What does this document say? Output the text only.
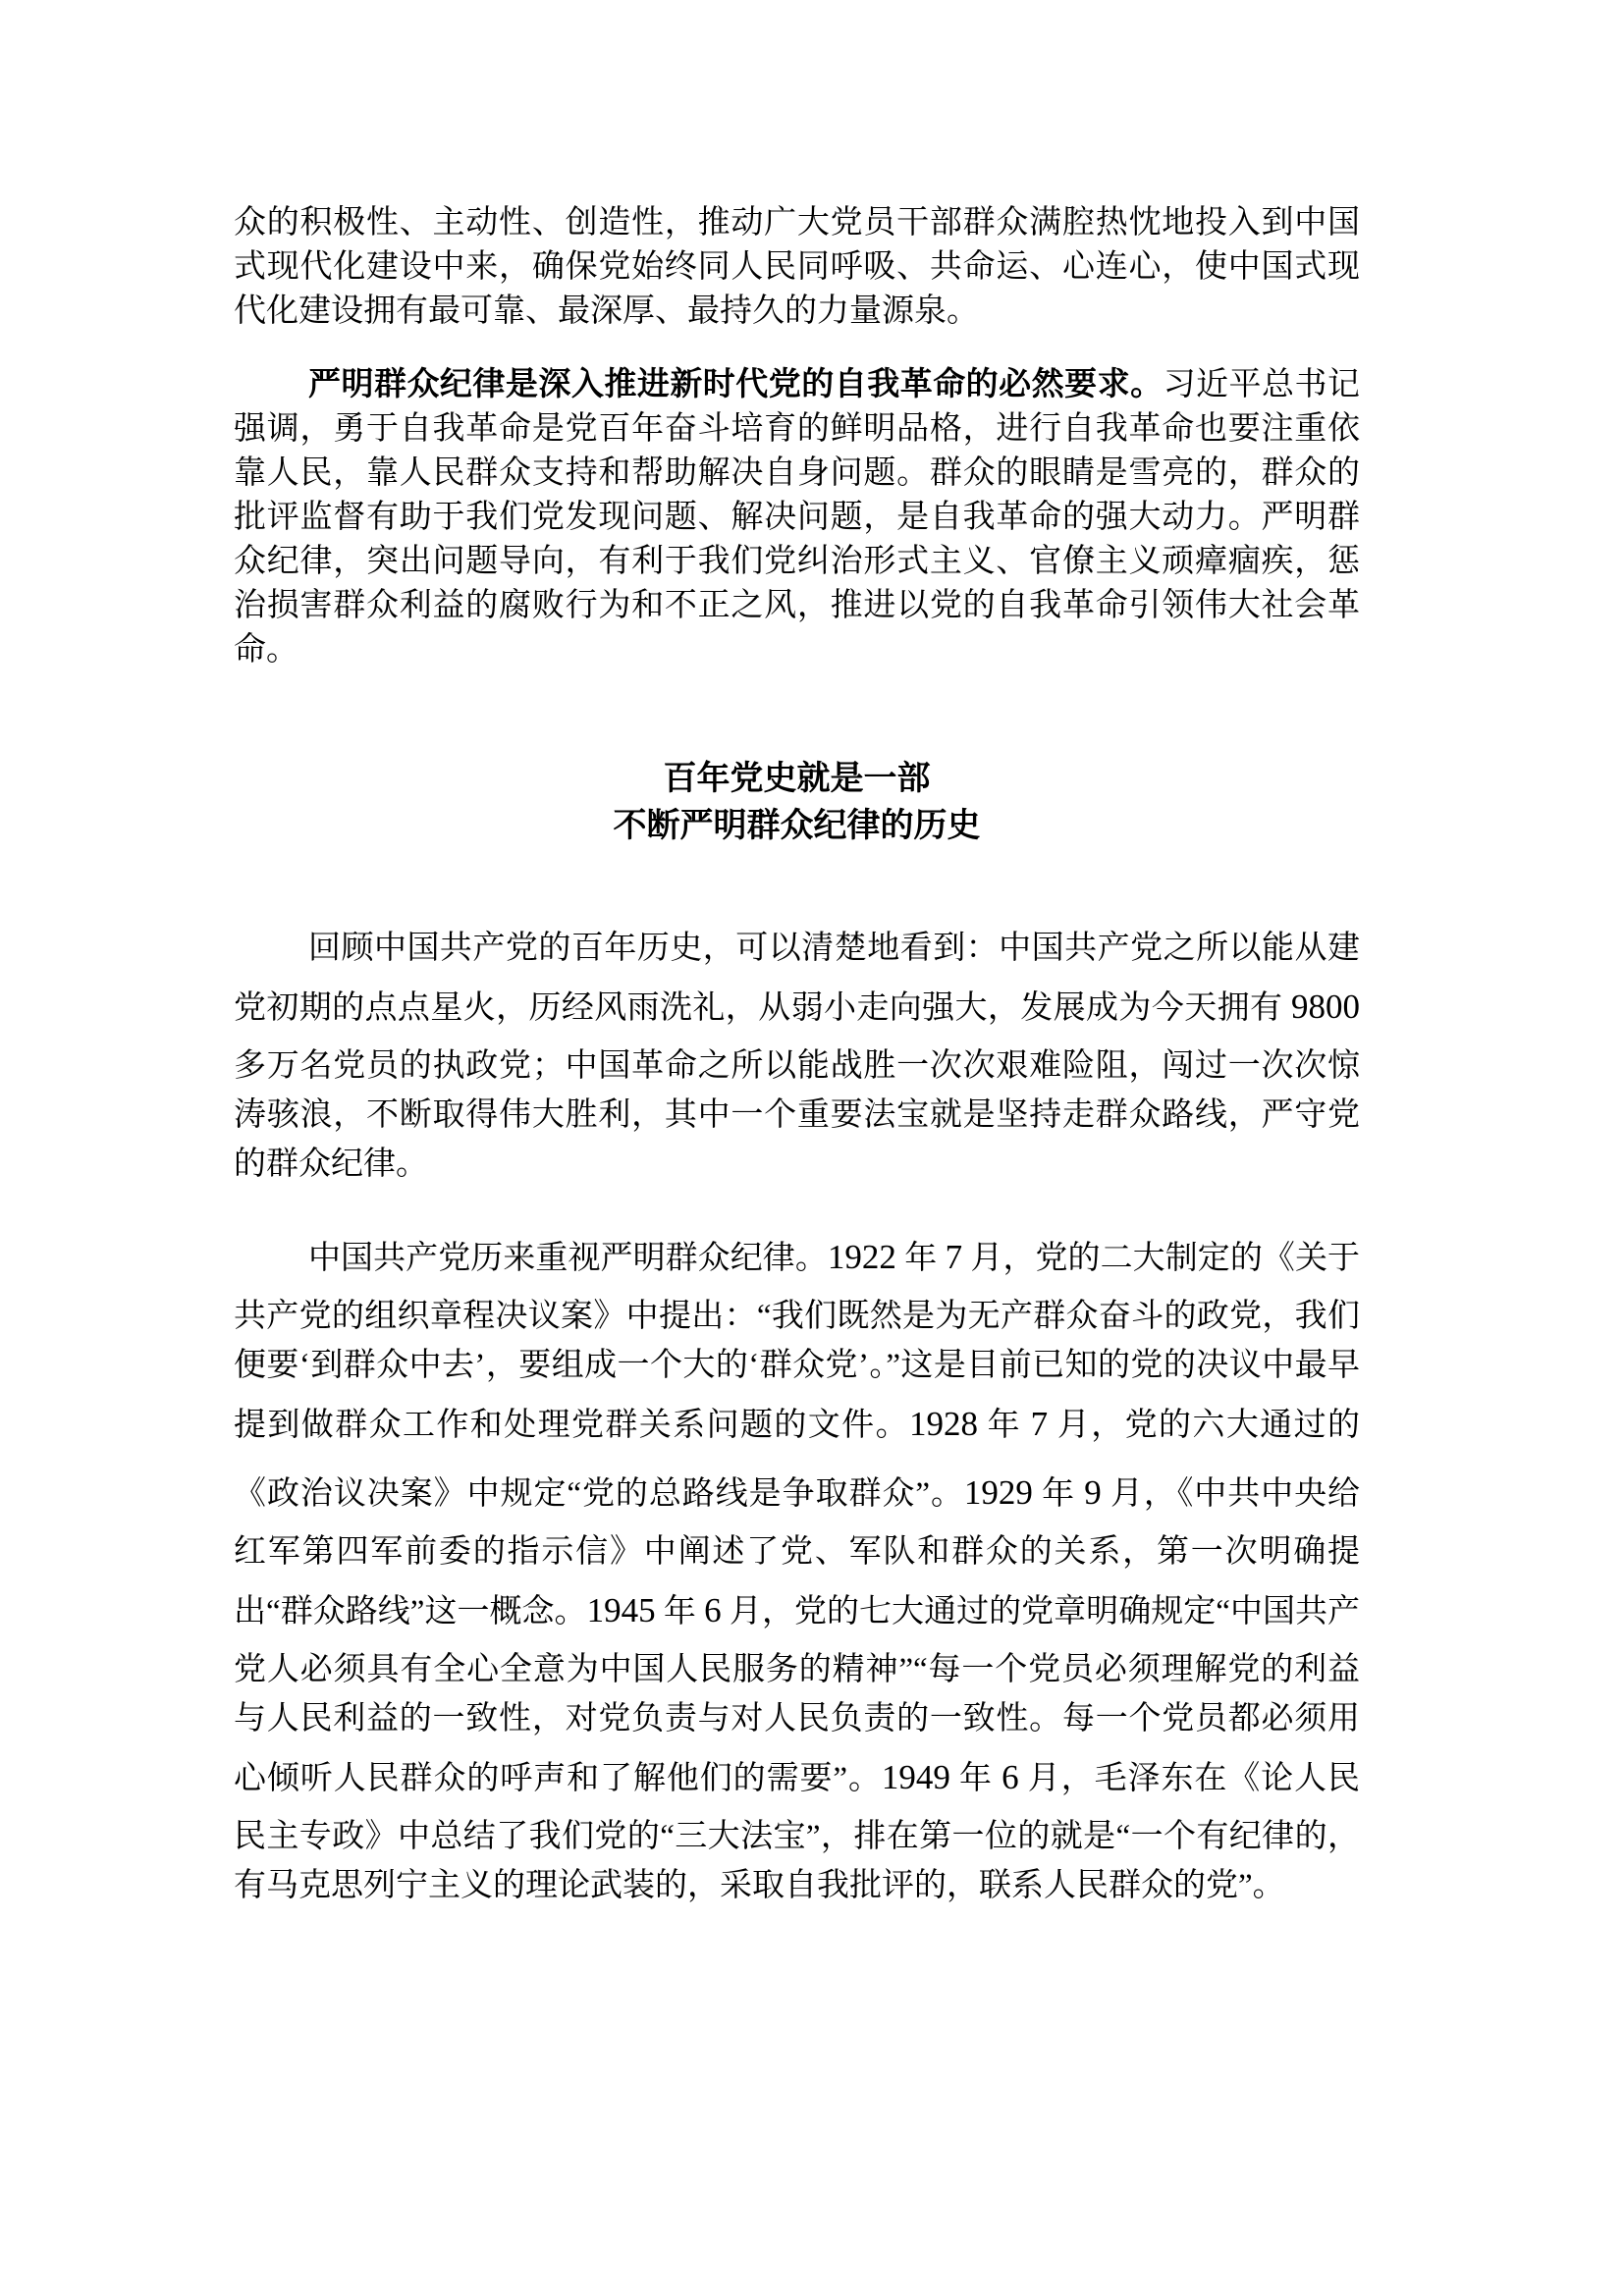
众的积极性、主动性、创造性，推动广大党员干部群众满腔热忱地投入到中国式现代化建设中来，确保党始终同人民同呼吸、共命运、心连心，使中国式现代化建设拥有最可靠、最深厚、最持久的力量源泉。

严明群众纪律是深入推进新时代党的自我革命的必然要求。习近平总书记强调，勇于自我革命是党百年奋斗培育的鲜明品格，进行自我革命也要注重依靠人民，靠人民群众支持和帮助解决自身问题。群众的眼睛是雪亮的，群众的批评监督有助于我们党发现问题、解决问题，是自我革命的强大动力。严明群众纪律，突出问题导向，有利于我们党纠治形式主义、官僚主义顽瘴痼疾，惩治损害群众利益的腐败行为和不正之风，推进以党的自我革命引领伟大社会革命。

百年党史就是一部
不断严明群众纪律的历史

回顾中国共产党的百年历史，可以清楚地看到：中国共产党之所以能从建党初期的点点星火，历经风雨洗礼，从弱小走向强大，发展成为今天拥有 9800 多万名党员的执政党；中国革命之所以能战胜一次次艰难险阻，闯过一次次惊涛骇浪，不断取得伟大胜利，其中一个重要法宝就是坚持走群众路线，严守党的群众纪律。

中国共产党历来重视严明群众纪律。1922 年 7 月，党的二大制定的《关于共产党的组织章程决议案》中提出：“我们既然是为无产群众奋斗的政党，我们便要‘到群众中去’，要组成一个大的‘群众党’。”这是目前已知的党的决议中最早提到做群众工作和处理党群关系问题的文件。1928 年 7 月，党的六大通过的《政治议决案》中规定“党的总路线是争取群众”。1929 年 9 月，《中共中央给红军第四军前委的指示信》中阐述了党、军队和群众的关系，第一次明确提出“群众路线”这一概念。1945 年 6 月，党的七大通过的党章明确规定“中国共产党人必须具有全心全意为中国人民服务的精神”“每一个党员必须理解党的利益与人民利益的一致性，对党负责与对人民负责的一致性。每一个党员都必须用心倾听人民群众的呼声和了解他们的需要”。1949 年 6 月，毛泽东在《论人民民主专政》中总结了我们党的“三大法宝”，排在第一位的就是“一个有纪律的，有马克思列宁主义的理论武装的，采取自我批评的，联系人民群众的党”。
